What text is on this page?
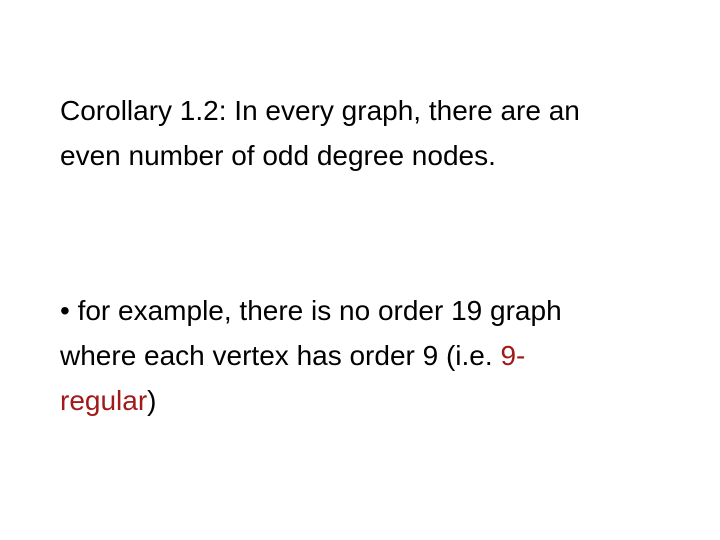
Corollary 1.2: In every graph, there are an
even number of odd degree nodes.

• for example, there is no order 19 graph
where each vertex has order 9 (i.e. 9-
regular)
